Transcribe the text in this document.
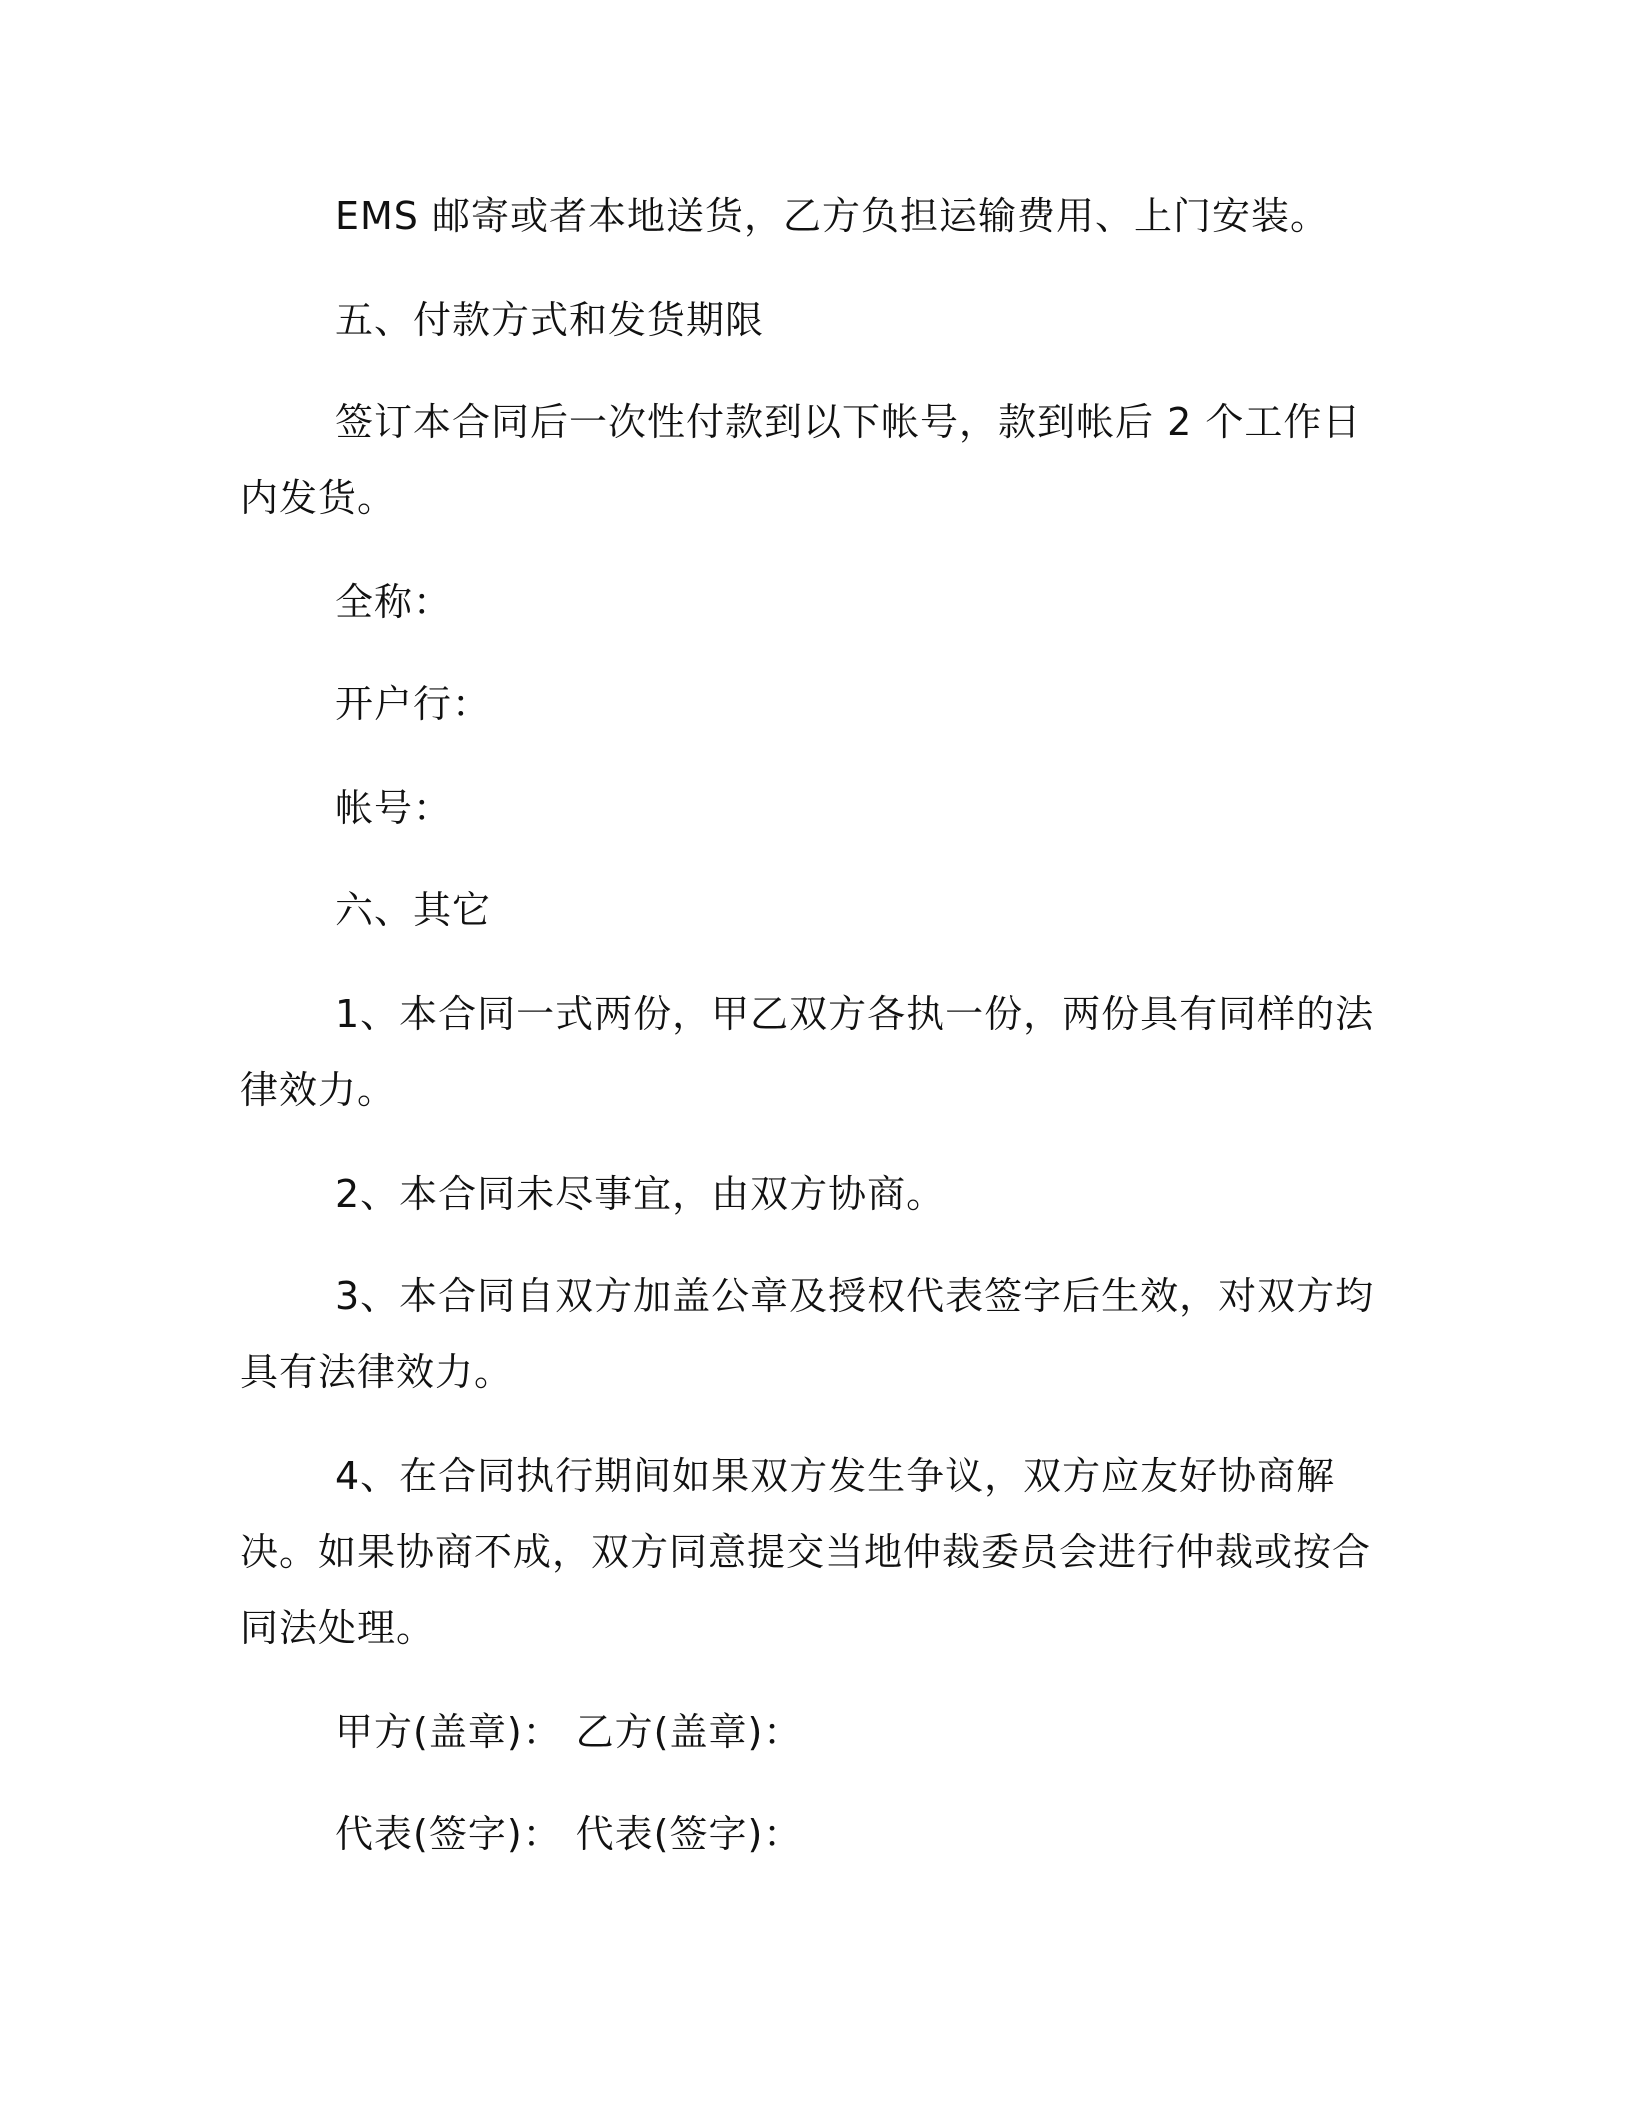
EMS 邮寄或者本地送货，乙方负担运输费用、上门安装。

五、付款方式和发货期限

签订本合同后一次性付款到以下帐号，款到帐后 2 个工作日内发货。

全称：

开户行：

帐号：

六、其它

1、本合同一式两份，甲乙双方各执一份，两份具有同样的法律效力。

2、本合同未尽事宜，由双方协商。

3、本合同自双方加盖公章及授权代表签字后生效，对双方均具有法律效力。

4、在合同执行期间如果双方发生争议，双方应友好协商解决。如果协商不成，双方同意提交当地仲裁委员会进行仲裁或按合同法处理。

甲方(盖章)： 乙方(盖章)：
代表(签字)： 代表(签字)：
